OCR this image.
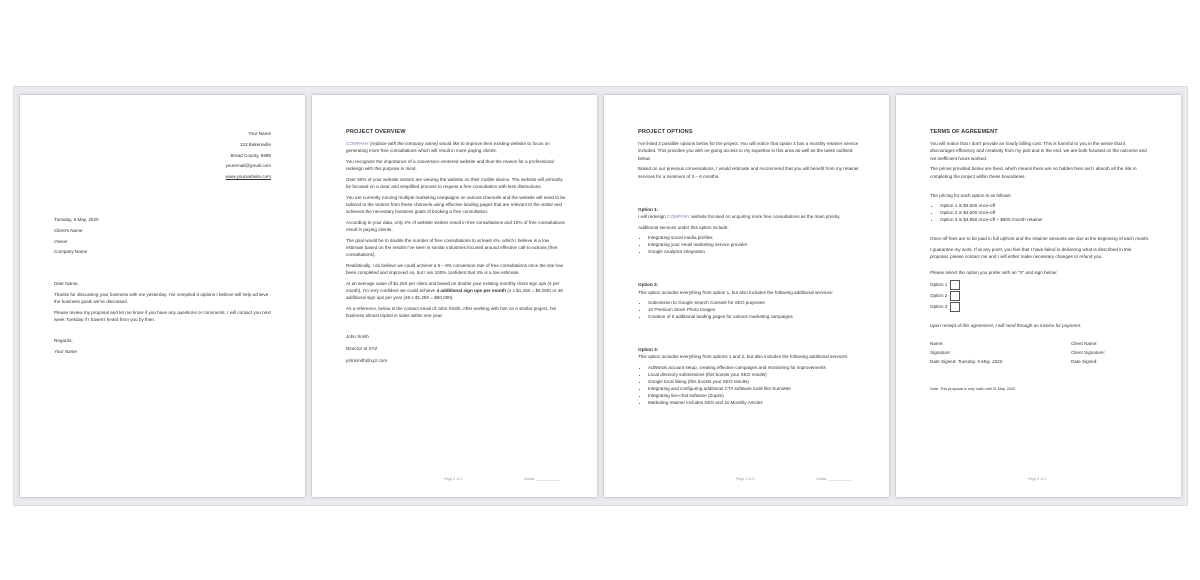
Your Name
123 Bakersville
Bread County, 8888
youremail@gmail.com
www.yourwebsite.com
Tuesday, 5 May, 2020
Client's Name
Owner
Company Name

Dear Name,

Thanks for discussing your business with me yesterday. I've compiled 3 options I believe will help achieve the business goals we've discussed.

Please review my proposal and let me know if you have any questions or comments. I will contact you next week Tuesday if I haven't heard from you by then.

Regards,

Your Name

PROJECT OVERVIEW

COMPANY (replace with the company name) would like to improve their existing website to focus on generating more free consultations which will result in more paying clients.

You recognize the importance of a conversion-centered website and thus the reason for a professional redesign with this purpose in mind.

Over 50% of your website visitors are viewing the website on their mobile device. The website will primarily be focused on a clear and simplified process to request a free consultation with less distractions.

You are currently running multiple marketing campaigns on various channels and the website will need to be tailored to the visitors from these channels using effective landing pages that are relevant to the visitor and achieves the necessary business goals of booking a free consultation.

According to your data, only 2% of website visitors result in free consultations and 10% of free consultations result in paying clients.

The goal would be to double the number of free consultations to at least 4%, which I believe is a low estimate based on the results I've seen in similar industries focused around effective call-to-actions (free consultations).

Realistically, I do believe we could achieve a 6 – 8% conversion rate of free consultations once the site has been completed and improved on, but I am 100% confident that 4% is a low estimate.

At an average value of $1,250 per client and based on double your existing monthly client sign ups (4 per month), I'm very confident we could achieve 4 additional sign ups per month (4 x $1,250 = $5,000) or 48 additional sign ups per year (48 x $1,250 = $60,000).

As a reference, below is the contact email of John Smith. After working with him on a similar project, his business almost tripled in sales within one year:

John Smith
Director at XYZ
johnsmith@xyz.com
Page 1 of 3	Initials: ____________
PROJECT OPTIONS

I've listed 3 possible options below for the project. You will notice that option 3 has a monthly retainer service included. This provides you with on-going access to my expertise in this area as well as the tasks outlined below.

Based on our previous conversations, I would estimate and recommend that you will benefit from my retainer services for a minimum of 3 – 6 months.

Option 1:

I will redesign COMPANY website focused on acquiring more free consultations as the main priority.

Additional services under this option include:

• Integrating social media profiles
• Integrating your email marketing service provider
• Google Analytics integration
Option 2:

This option includes everything from option 1, but also includes the following additional services:

• Submission to Google Search Console for SEO purposes
• 10 Premium Stock Photo Images
• Creation of 5 additional landing pages for various marketing campaigns
Option 3:

This option includes everything from options 1 and 2, but also includes the following additional services:

• AdWords account setup, creating effective campaigns and monitoring for improvements
• Local directory submissions (this boosts your SEO results)
• Google local listing (this boosts your SEO results)
• Integrating and configuring additional CTA software tools like SumoMe
• Integrating live-chat software (Zopim)
• Marketing retainer includes SEO and 2x Monthly Articles
Page 2 of 3	Initials: ____________
TERMS OF AGREEMENT

You will notice that I don't provide an hourly billing cost. This is harmful to you in the sense that it discourages efficiency and creativity from my part and in the end, we are both focused on the outcome and not inefficient hours worked.

The prices provided below are fixed, which means there are no hidden fees and I absorb all the risk in completing the project within these boundaries.

The pricing for each option is as follows:

• Option 1 is $3,500 once-off
• Option 2 is $4,500 once-off
• Option 3 is $3,950 once-off + $500 /month retainer

Once-off fees are to be paid in full upfront and the retainer amounts are due at the beginning of each month.

I guarantee my work. If at any point, you feel that I have failed in delivering what is described in this proposal, please contact me and I will either make necessary changes or refund you.

Please select the option you prefer with an "X" and sign below:

Option 1
Option 2
Option 3

Upon receipt of this agreement, I will send through an invoice for payment.

Name:	Client Name:
Signature:	Client Signature:
Date Signed: Tuesday, 5 May, 2020	Date Signed:
Note: This proposal is only valid until 31 May, 2020
Page 3 of 3
